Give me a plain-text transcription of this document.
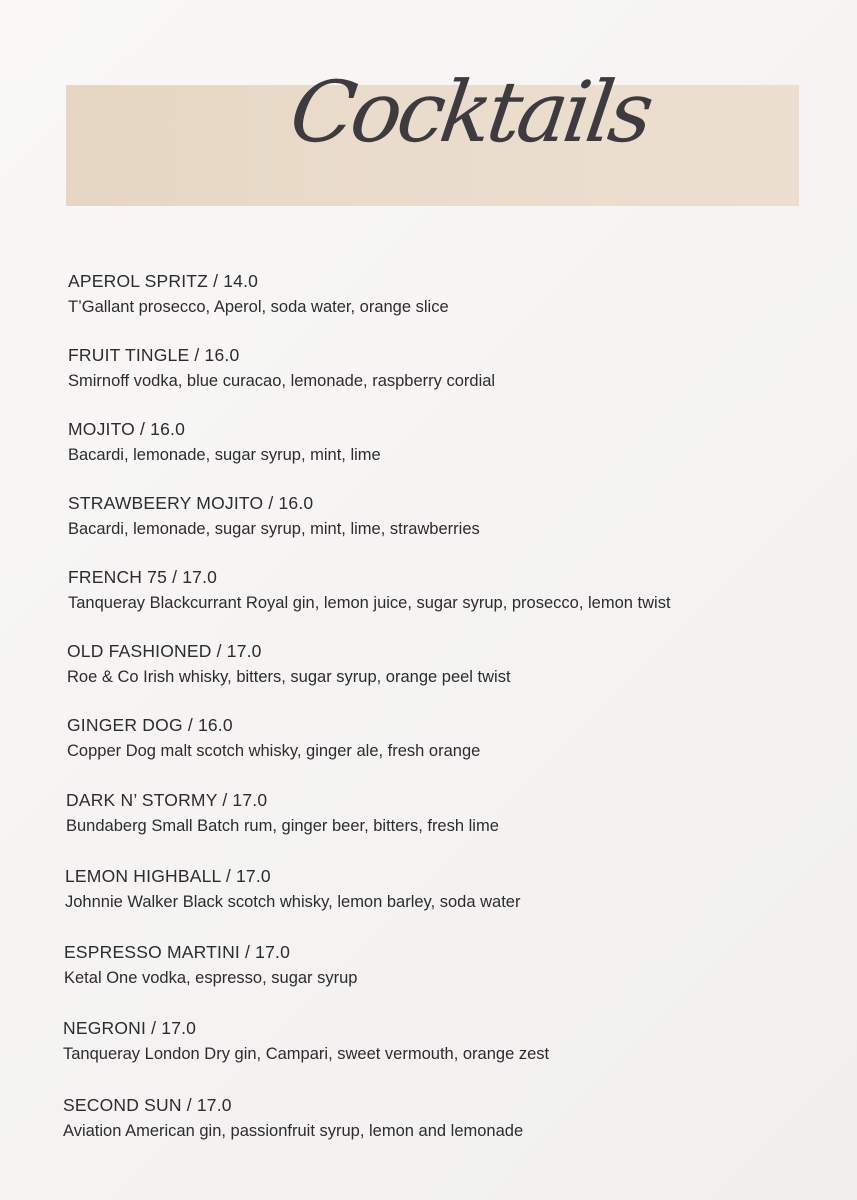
Cocktails
APEROL SPRITZ / 14.0
T’Gallant prosecco, Aperol, soda water, orange slice
FRUIT TINGLE / 16.0
Smirnoff vodka, blue curacao, lemonade, raspberry cordial
MOJITO / 16.0
Bacardi, lemonade, sugar syrup, mint, lime
STRAWBEERY MOJITO / 16.0
Bacardi, lemonade, sugar syrup, mint, lime, strawberries
FRENCH 75 / 17.0
Tanqueray Blackcurrant Royal gin, lemon juice, sugar syrup, prosecco, lemon twist
OLD FASHIONED / 17.0
Roe & Co Irish whisky, bitters, sugar syrup, orange peel twist
GINGER DOG / 16.0
Copper Dog malt scotch whisky, ginger ale, fresh orange
DARK N’ STORMY / 17.0
Bundaberg Small Batch rum, ginger beer, bitters, fresh lime
LEMON HIGHBALL / 17.0
Johnnie Walker Black scotch whisky, lemon barley, soda water
ESPRESSO MARTINI / 17.0
Ketal One vodka, espresso, sugar syrup
NEGRONI / 17.0
Tanqueray London Dry gin, Campari, sweet vermouth, orange zest
SECOND SUN / 17.0
Aviation American gin, passionfruit syrup, lemon and lemonade
